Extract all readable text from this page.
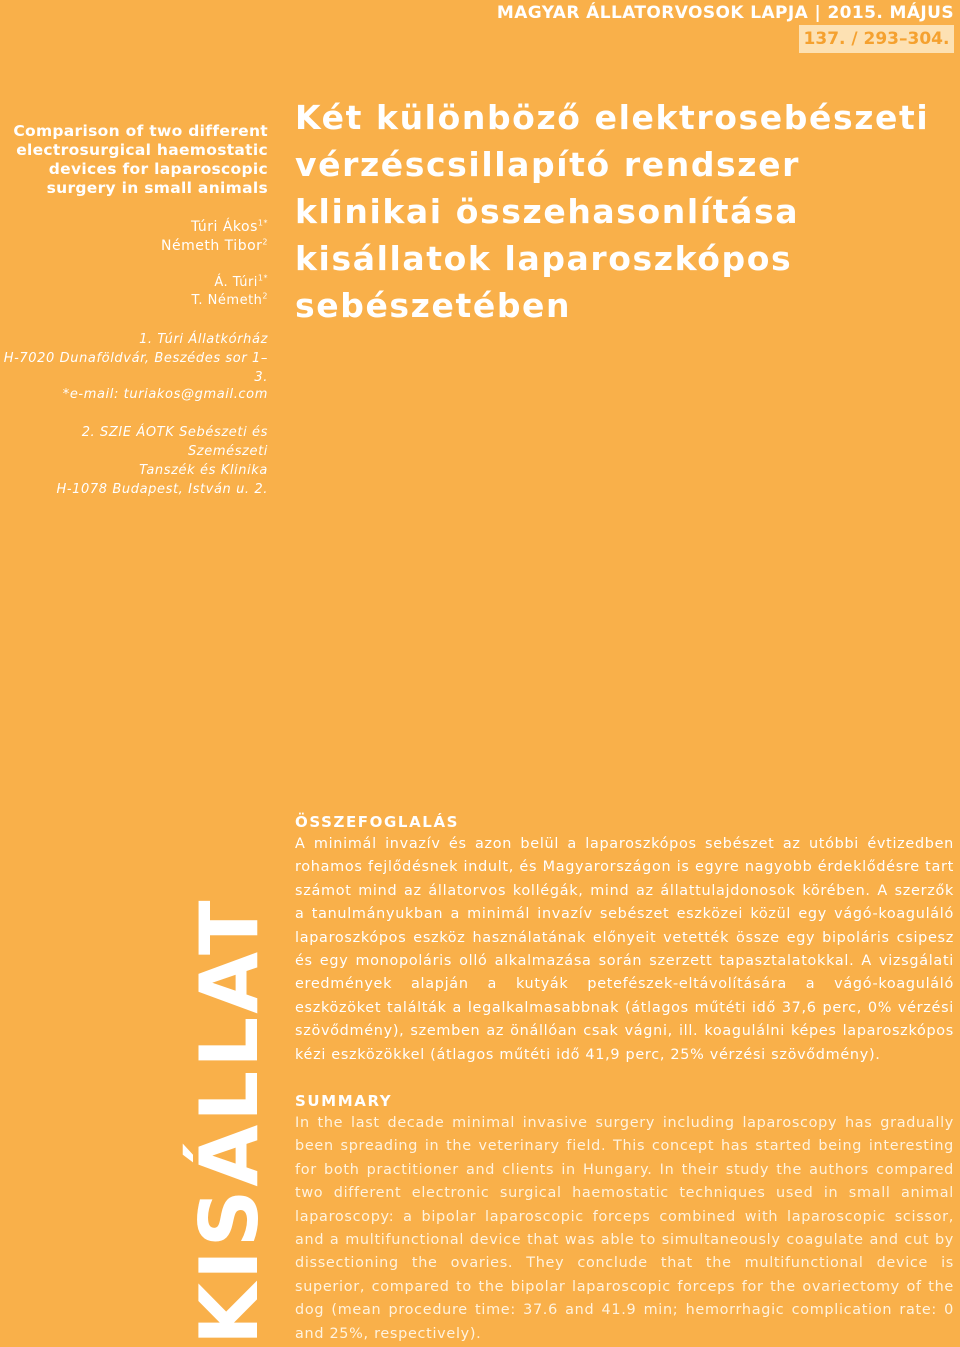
MAGYAR ÁLLATORVOSOK LAPJA | 2015. MÁJUS
137. / 293–304.
Comparison of two different electrosurgical haemostatic devices for laparoscopic surgery in small animals
Túri Ákos$^{1*}$
Németh Tibor$^2$
Á. Túri$^{1*}$
T. Németh$^2$
1. Túri Állatkórház
H-7020 Dunaföldvár, Beszédes sor 1–3.
*e-mail: turiakos@gmail.com
2. SZIE ÁOTK Sebészeti és Szemészeti
Tanszék és Klinika
H-1078 Budapest, István u. 2.
Két különböző elektrosebészeti vérzéscsillapító rendszer klinikai összehasonlítása kisállatok laparoszkópos sebészetében
KISÁLLAT
ÖSSZEFOGLALÁS
A minimál invazív és azon belül a laparoszkópos sebészet az utóbbi évtizedben rohamos fejlődésnek indult, és Magyarországon is egyre nagyobb érdeklődésre tart számot mind az állatorvos kollégák, mind az állattulajdonosok körében. A szerzők a tanulmányukban a minimál invazív sebészet eszközei közül egy vágó-koaguláló laparoszkópos eszköz használatának előnyeit vetették össze egy bipoláris csipesz és egy monopoláris olló alkalmazása során szerzett tapasztalatokkal. A vizsgálati eredmények alapján a kutyák petefészek-eltávolítására a vágó-koaguláló eszközöket találták a legalkalmasabbnak (átlagos műtéti idő 37,6 perc, 0% vérzési szövődmény), szemben az önállóan csak vágni, ill. koagulálni képes laparoszkópos kézi eszközökkel (átlagos műtéti idő 41,9 perc, 25% vérzési szövődmény).
SUMMARY
In the last decade minimal invasive surgery including laparoscopy has gradually been spreading in the veterinary field. This concept has started being interesting for both practitioner and clients in Hungary. In their study the authors compared two different electronic surgical haemostatic techniques used in small animal laparoscopy: a bipolar laparoscopic forceps combined with laparoscopic scissor, and a multifunctional device that was able to simultaneously coagulate and cut by dissectioning the ovaries. They conclude that the multifunctional device is superior, compared to the bipolar laparoscopic forceps for the ovariectomy of the dog (mean procedure time: 37.6 and 41.9 min; hemorrhagic complication rate: 0 and 25%, respectively).
